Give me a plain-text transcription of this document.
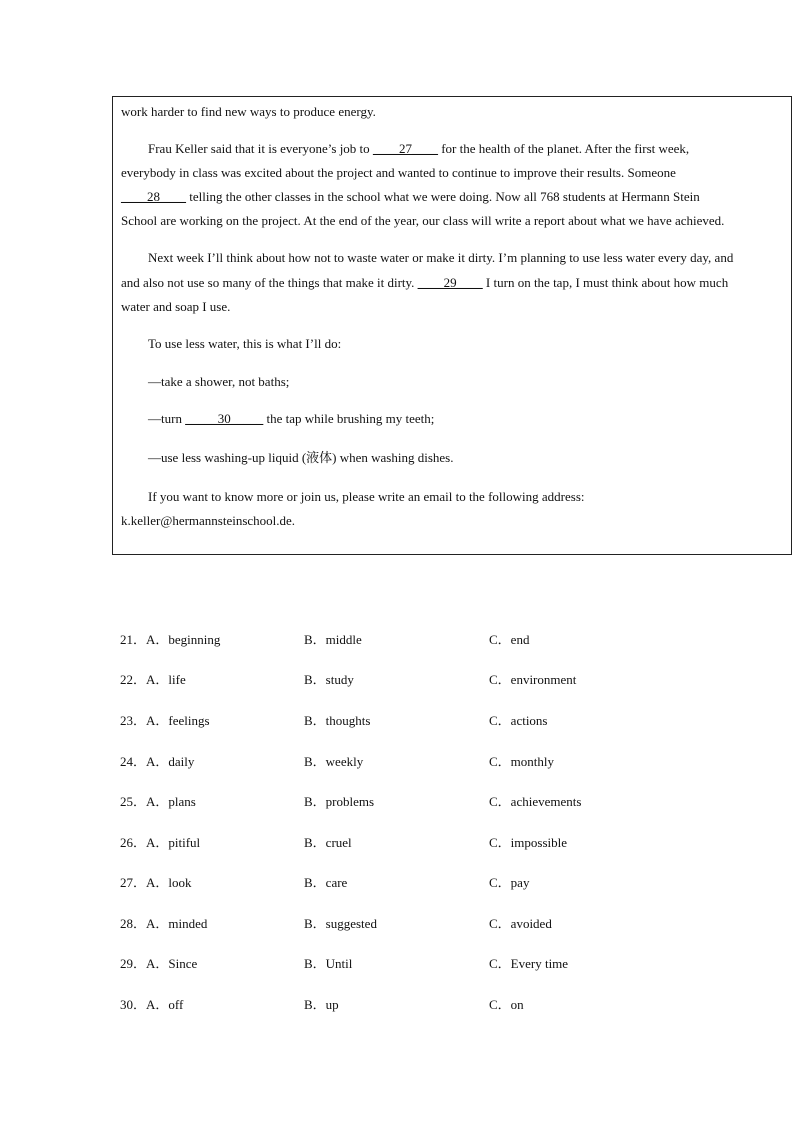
work harder to find new ways to produce energy.
Frau Keller said that it is everyone’s job to ____27____ for the health of the planet. After the first week,
everybody in class was excited about the project and wanted to continue to improve their results. Someone
____28____ telling the other classes in the school what we were doing. Now all 768 students at Hermann Stein
School are working on the project. At the end of the year, our class will write a report about what we have achieved.
Next week I’ll think about how not to waste water or make it dirty. I’m planning to use less water every day, and
and also not use so many of the things that make it dirty. ____29____ I turn on the tap, I must think about how much
water and soap I use.
To use less water, this is what I’ll do:
—take a shower, not baths;
—turn _____30_____ the tap while brushing my teeth;
—use less washing-up liquid (液体) when washing dishes.
If you want to know more or join us, please write an email to the following address:
k.keller@hermannsteinschool.de.
21．A．beginning	B．middle	C．end
22．A．life	B．study	C．environment
23．A．feelings	B．thoughts	C．actions
24．A．daily	B．weekly	C．monthly
25．A．plans	B．problems	C．achievements
26．A．pitiful	B．cruel	C．impossible
27．A．look	B．care	C．pay
28．A．minded	B．suggested	C．avoided
29．A．Since	B．Until	C．Every time
30．A．off	B．up	C．on
